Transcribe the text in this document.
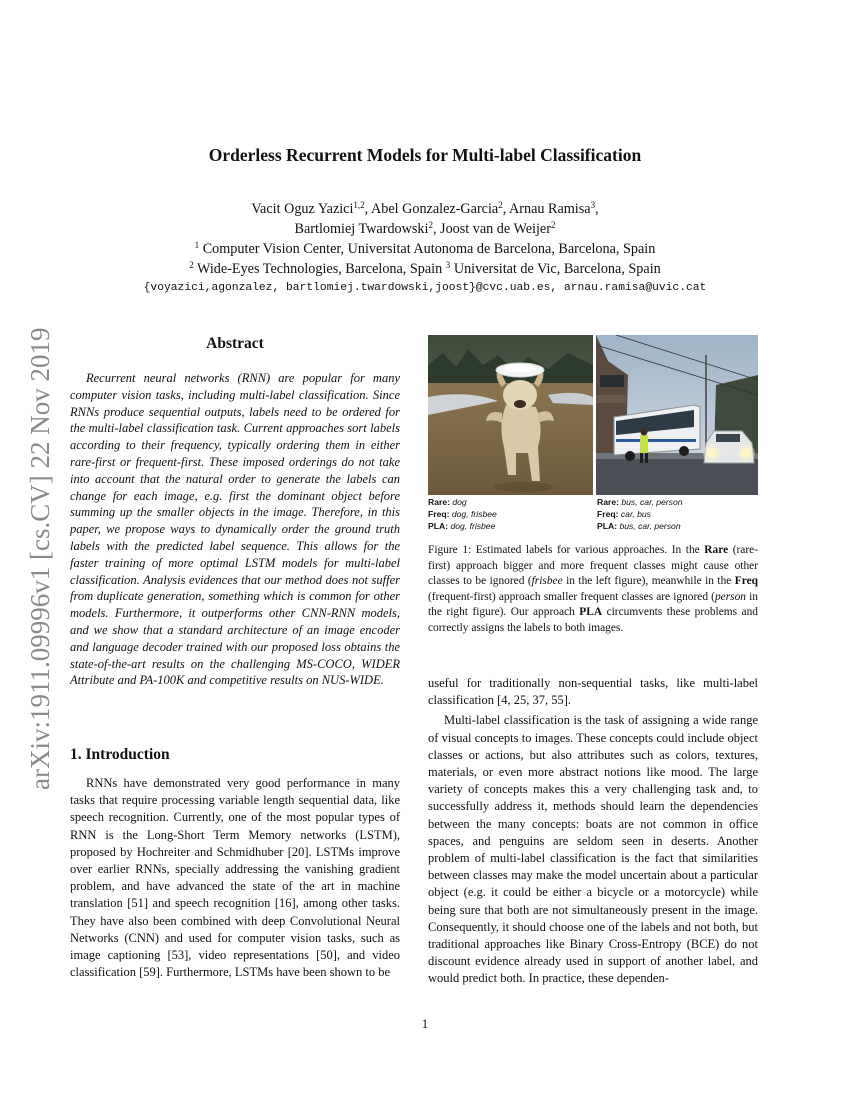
arXiv:1911.09996v1 [cs.CV] 22 Nov 2019
Orderless Recurrent Models for Multi-label Classification
Vacit Oguz Yazici$^{1,2}$, Abel Gonzalez-Garcia$^2$, Arnau Ramisa$^3$,
Bartlomiej Twardowski$^2$, Joost van de Weijer$^2$
$^1$ Computer Vision Center, Universitat Autonoma de Barcelona, Barcelona, Spain
$^2$ Wide-Eyes Technologies, Barcelona, Spain $^3$ Universitat de Vic, Barcelona, Spain
{voyazici,agonzalez, bartlomiej.twardowski,joost}@cvc.uab.es, arnau.ramisa@uvic.cat
Abstract
Recurrent neural networks (RNN) are popular for many computer vision tasks, including multi-label classification. Since RNNs produce sequential outputs, labels need to be ordered for the multi-label classification task. Current approaches sort labels according to their frequency, typically ordering them in either rare-first or frequent-first. These imposed orderings do not take into account that the natural order to generate the labels can change for each image, e.g. first the dominant object before summing up the smaller objects in the image. Therefore, in this paper, we propose ways to dynamically order the ground truth labels with the predicted label sequence. This allows for the faster training of more optimal LSTM models for multi-label classification. Analysis evidences that our method does not suffer from duplicate generation, something which is common for other models. Furthermore, it outperforms other CNN-RNN models, and we show that a standard architecture of an image encoder and language decoder trained with our proposed loss obtains the state-of-the-art results on the challenging MS-COCO, WIDER Attribute and PA-100K and competitive results on NUS-WIDE.
1. Introduction
RNNs have demonstrated very good performance in many tasks that require processing variable length sequential data, like speech recognition. Currently, one of the most popular types of RNN is the Long-Short Term Memory networks (LSTM), proposed by Hochreiter and Schmidhuber [20]. LSTMs improve over earlier RNNs, specially addressing the vanishing gradient problem, and have advanced the state of the art in machine translation [51] and speech recognition [16], among other tasks. They have also been combined with deep Convolutional Neural Networks (CNN) and used for computer vision tasks, such as image captioning [53], video representations [50], and video classification [59]. Furthermore, LSTMs have been shown to be
Rare: dog
Freq: dog, frisbee
PLA: dog, frisbee
Rare: bus, car, person
Freq: car, bus
PLA: bus, car, person

Figure 1: Estimated labels for various approaches. In the Rare (rare-first) approach bigger and more frequent classes might cause other classes to be ignored (frisbee in the left figure), meanwhile in the Freq (frequent-first) approach smaller frequent classes are ignored (person in the right figure). Our approach PLA circumvents these problems and correctly assigns the labels to both images.

useful for traditionally non-sequential tasks, like multi-label classification [4, 25, 37, 55].

Multi-label classification is the task of assigning a wide range of visual concepts to images. These concepts could include object classes or actions, but also attributes such as colors, textures, materials, or even more abstract notions like mood. The large variety of concepts makes this a very challenging task and, to successfully address it, methods should learn the dependencies between the many concepts: boats are not common in office spaces, and penguins are seldom seen in deserts. Another problem of multi-label classification is the fact that similarities between classes may make the model uncertain about a particular object (e.g. it could be either a bicycle or a motorcycle) while being sure that both are not simultaneously present in the image. Consequently, it should choose one of the labels and not both, but traditional approaches like Binary Cross-Entropy (BCE) do not discount evidence already used in support of another label, and would predict both. In practice, these dependen-

1
